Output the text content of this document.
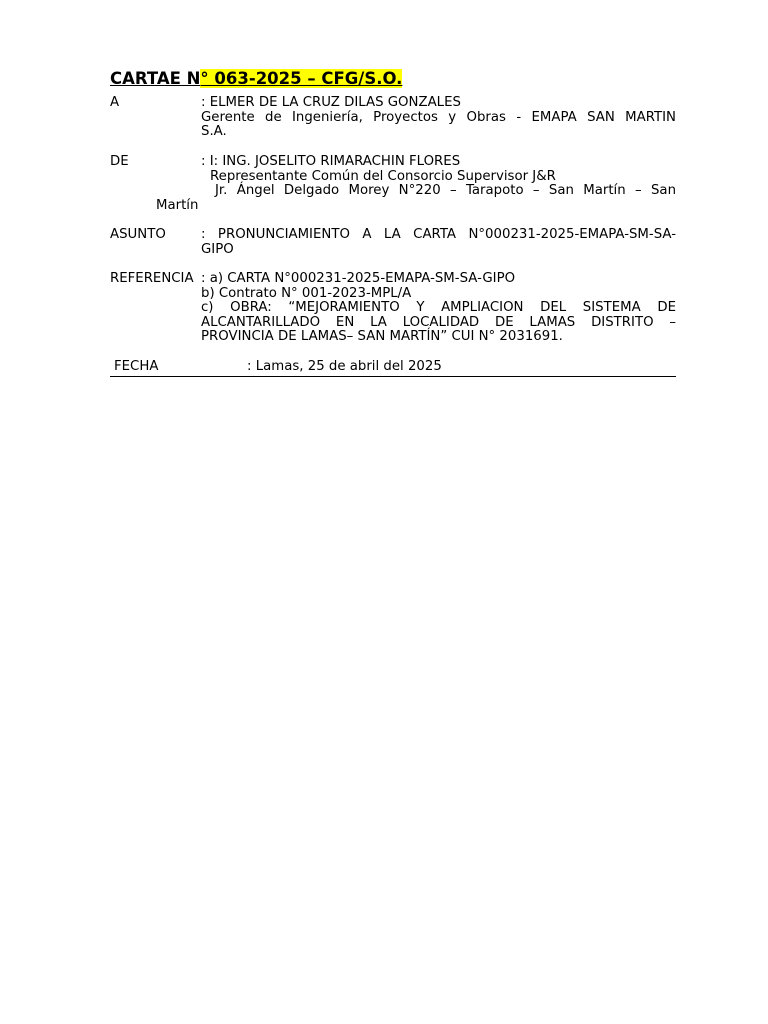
CARTAE N° 063-2025 – CFG/S.O.
A	: ELMER DE LA CRUZ DILAS GONZALES
Gerente de Ingeniería, Proyectos y Obras - EMAPA SAN MARTIN
S.A.
DE	: I: ING. JOSELITO RIMARACHIN FLORES
Representante Común del Consorcio Supervisor J&R
Jr. Ángel Delgado Morey N°220 – Tarapoto – San Martín – San
Martín
ASUNTO	: PRONUNCIAMIENTO A LA CARTA N°000231-2025-EMAPA-SM-SA-
GIPO
REFERENCIA : a) CARTA N°000231-2025-EMAPA-SM-SA-GIPO
b) Contrato N° 001-2023-MPL/A
c) OBRA: “MEJORAMIENTO Y AMPLIACION DEL SISTEMA DE
ALCANTARILLADO EN LA LOCALIDAD DE LAMAS DISTRITO –
PROVINCIA DE LAMAS– SAN MARTÍN” CUI N° 2031691.
FECHA	: Lamas, 25 de abril del 2025
